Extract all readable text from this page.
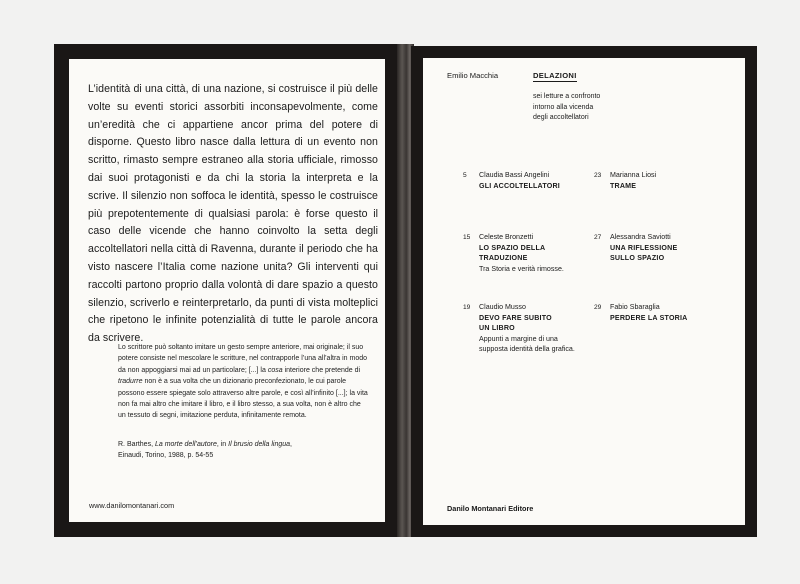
L’identità di una città, di una nazione, si costruisce il più delle volte su eventi storici assorbiti inconsapevolmente, come un’eredità che ci appartiene ancor prima del potere di disporne. Questo libro nasce dalla lettura di un evento non scritto, rimasto sempre estraneo alla storia ufficiale, rimosso dai suoi protagonisti e da chi la storia la interpreta e la scrive. Il silenzio non soffoca le identità, spesso le costruisce più prepotentemente di qualsiasi parola: è forse questo il caso delle vicende che hanno coinvolto la setta degli accoltellatori nella città di Ravenna, durante il periodo che ha visto nascere l’Italia come nazione unita? Gli interventi qui raccolti partono proprio dalla volontà di dare spazio a questo silenzio, scriverlo e reinterpretarlo, da punti di vista molteplici che ripetono le infinite potenzialità di tutte le parole ancora da scrivere.

Lo scrittore può soltanto imitare un gesto sempre anteriore, mai originale; il suo potere consiste nel mescolare le scritture, nel contrapporle l’una all’altra in modo da non appoggiarsi mai ad un particolare; [...] la cosa interiore che pretende di tradurre non è a sua volta che un dizionario preconfezionato, le cui parole possono essere spiegate solo attraverso altre parole, e così all’infinito [...]; la vita non fa mai altro che imitare il libro, e il libro stesso, a sua volta, non è altro che un tessuto di segni, imitazione perduta, infinitamente remota.

R. Barthes, La morte dell’autore, in Il brusio della lingua,
Einaudi, Torino, 1988, p. 54-55

www.danilomontanari.com
Emilio Macchia	DELAZIONI
sei letture a confronto
intorno alla vicenda
degli accoltellatori
5 Claudia Bassi Angelini
GLI ACCOLTELLATORI
23 Marianna Liosi
TRAME
15 Celeste Bronzetti
LO SPAZIO DELLA
TRADUZIONE
Tra Storia e verità rimosse.
27 Alessandra Saviotti
UNA RIFLESSIONE
SULLO SPAZIO
19 Claudio Musso
DEVO FARE SUBITO
UN LIBRO
Appunti a margine di una
supposta identità della grafica.
29 Fabio Sbaraglia
PERDERE LA STORIA
Danilo Montanari Editore
